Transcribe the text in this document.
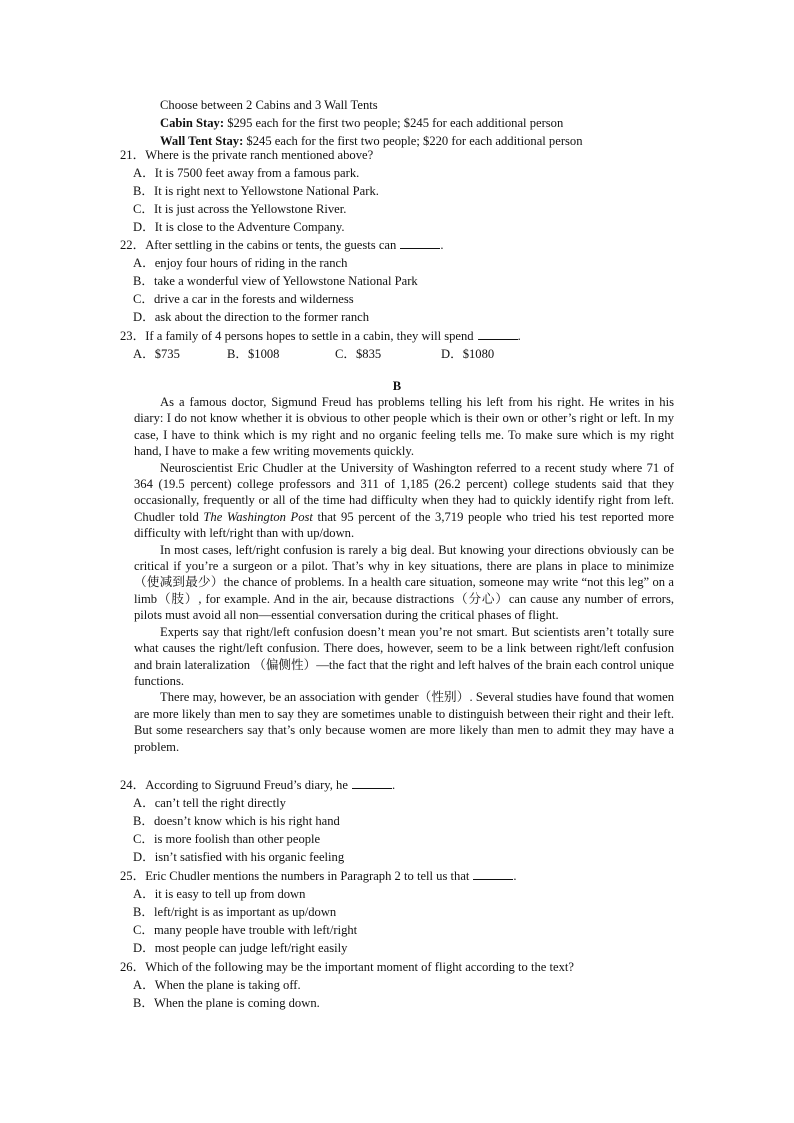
Choose between 2 Cabins and 3 Wall Tents
Cabin Stay: $295 each for the first two people; $245 for each additional person
Wall Tent Stay: $245 each for the first two people; $220 for each additional person
21．Where is the private ranch mentioned above?
A．It is 7500 feet away from a famous park.
B．It is right next to Yellowstone National Park.
C．It is just across the Yellowstone River.
D．It is close to the Adventure Company.
22．After settling in the cabins or tents, the guests can	.
A．enjoy four hours of riding in the ranch
B．take a wonderful view of Yellowstone National Park
C．drive a car in the forests and wilderness
D．ask about the direction to the former ranch
23．If a family of 4 persons hopes to settle in a cabin, they will spend	.
A．$735	B．$1008	C．$835	D．$1080
B

As a famous doctor, Sigmund Freud has problems telling his left from his right. He writes in his diary: I do not know whether it is obvious to other people which is their own or other’s right or left. In my case, I have to think which is my right and no organic feeling tells me. To make sure which is my right hand, I have to make a few writing movements quickly.

Neuroscientist Eric Chudler at the University of Washington referred to a recent study where 71 of 364 (19.5 percent) college professors and 311 of 1,185 (26.2 percent) college students said that they occasionally, frequently or all of the time had difficulty when they had to quickly identify right from left. Chudler told The Washington Post that 95 percent of the 3,719 people who tried his test reported more difficulty with left/right than with up/down.

In most cases, left/right confusion is rarely a big deal. But knowing your directions obviously can be critical if you’re a surgeon or a pilot. That’s why in key situations, there are plans in place to minimize（使减到最少）the chance of problems. In a health care situation, someone may write “not this leg” on a limb（肢）, for example. And in the air, because distractions（分心）can cause any number of errors, pilots must avoid all non—essential conversation during the critical phases of flight.

Experts say that right/left confusion doesn’t mean you’re not smart. But scientists aren’t totally sure what causes the right/left confusion. There does, however, seem to be a link between right/left confusion and brain lateralization （偏侧性）—the fact that the right and left halves of the brain each control unique functions.

There may, however, be an association with gender（性别）. Several studies have found that women are more likely than men to say they are sometimes unable to distinguish between their right and their left. But some researchers say that’s only because women are more likely than men to admit they may have a problem.

24．According to Sigruund Freud’s diary, he	.
A．can’t tell the right directly
B．doesn’t know which is his right hand
C．is more foolish than other people
D．isn’t satisfied with his organic feeling
25．Eric Chudler mentions the numbers in Paragraph 2 to tell us that	.
A．it is easy to tell up from down
B．left/right is as important as up/down
C．many people have trouble with left/right
D．most people can judge left/right easily
26．Which of the following may be the important moment of flight according to the text?
A．When the plane is taking off.
B．When the plane is coming down.
